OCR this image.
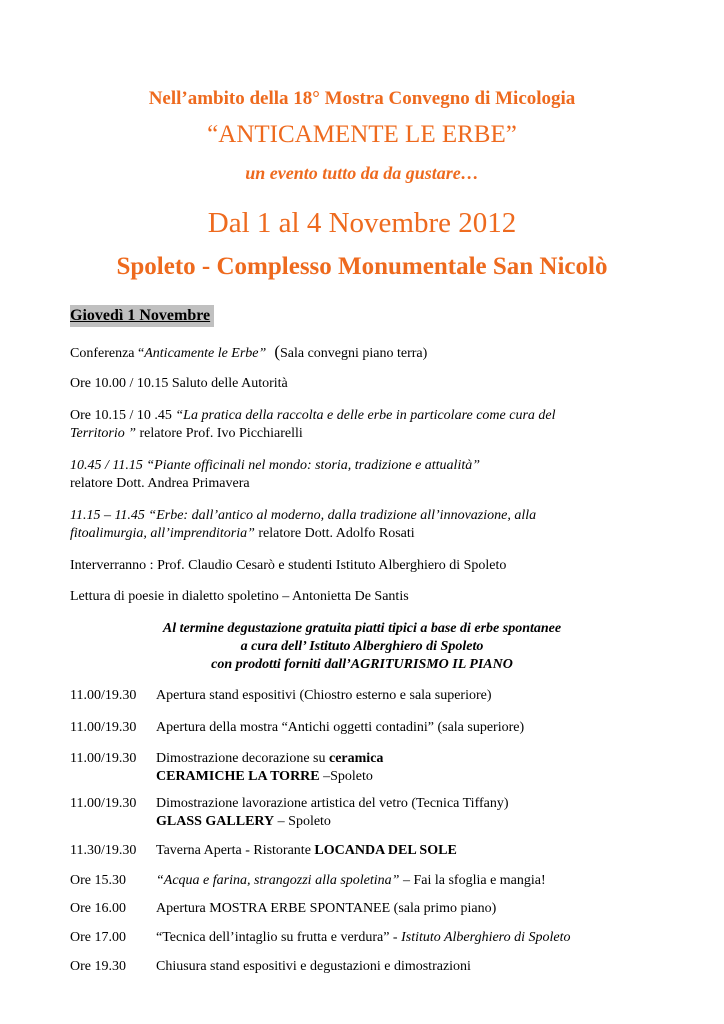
Nell’ambito della 18° Mostra Convegno di Micologia
“ANTICAMENTE LE ERBE”
un evento tutto da da gustare…
Dal 1 al 4 Novembre 2012
Spoleto - Complesso Monumentale San Nicolò
Giovedì 1 Novembre
Conferenza “Anticamente le Erbe” (Sala convegni piano terra)
Ore 10.00 / 10.15 Saluto delle Autorità
Ore 10.15 / 10 .45 “La pratica della raccolta e delle erbe in particolare come cura del
Territorio ” relatore Prof. Ivo Picchiarelli
10.45 / 11.15 “Piante officinali nel mondo: storia, tradizione e attualità”
relatore Dott. Andrea Primavera
11.15 – 11.45 “Erbe: dall’antico al moderno, dalla tradizione all’innovazione, alla
fitoalimurgia, all’imprenditoria” relatore Dott. Adolfo Rosati
Interverranno : Prof. Claudio Cesarò e studenti Istituto Alberghiero di Spoleto
Lettura di poesie in dialetto spoletino – Antonietta De Santis
Al termine degustazione gratuita piatti tipici a base di erbe spontanee
a cura dell’ Istituto Alberghiero di Spoleto
con prodotti forniti dall’AGRITURISMO IL PIANO
11.00/19.30 Apertura stand espositivi (Chiostro esterno e sala superiore)
11.00/19.30 Apertura della mostra “Antichi oggetti contadini” (sala superiore)
11.00/19.30Dimostrazione decorazione su ceramica
CERAMICHE LA TORRE –Spoleto
11.00/19.30 Dimostrazione lavorazione artistica del vetro (Tecnica Tiffany)
GLASS GALLERY – Spoleto
11.30/19.30 Taverna Aperta - Ristorante LOCANDA DEL SOLE
Ore 15.30 “Acqua e farina, strangozzi alla spoletina” – Fai la sfoglia e mangia!
Ore 16.00 Apertura MOSTRA ERBE SPONTANEE (sala primo piano)
Ore 17.00“Tecnica dell’intaglio su frutta e verdura” - Istituto Alberghiero di Spoleto
Ore 19.30 Chiusura stand espositivi e degustazioni e dimostrazioni
